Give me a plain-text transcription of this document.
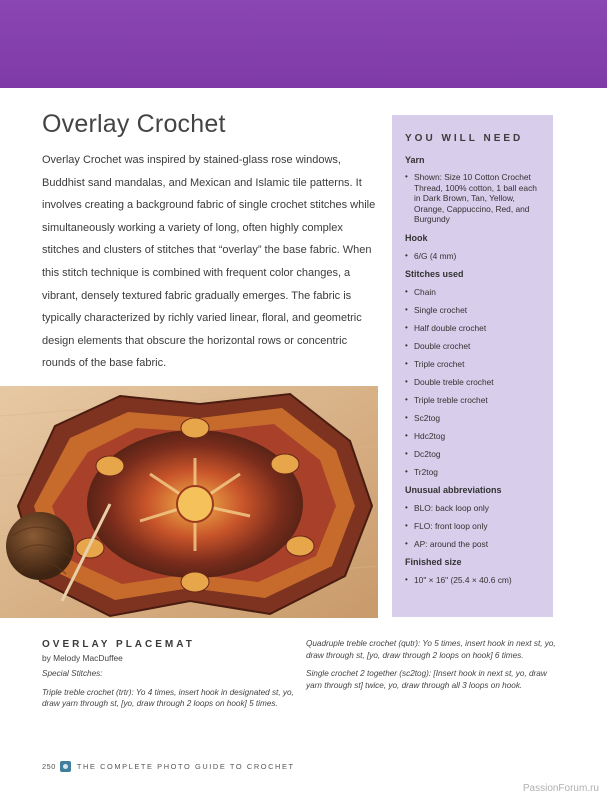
Overlay Crochet

Overlay Crochet was inspired by stained-glass rose windows, Buddhist sand mandalas, and Mexican and Islamic tile patterns. It involves creating a background fabric of single crochet stitches while simultaneously working a variety of long, often highly complex stitches and clusters of stitches that “overlay” the base fabric. When this stitch technique is combined with frequent color changes, a vibrant, densely textured fabric gradually emerges. The fabric is typically characterized by richly varied linear, floral, and geometric design elements that obscure the horizontal rows or concentric rounds of the base fabric.

YOU WILL NEED
Yarn
• Shown: Size 10 Cotton Crochet Thread, 100% cotton, 1 ball each in Dark Brown, Tan, Yellow, Orange, Cappuccino, Red, and Burgundy
Hook
• 6/G (4 mm)
Stitches used
• Chain
• Single crochet
• Half double crochet
• Double crochet
• Triple crochet
• Double treble crochet
• Triple treble crochet
• Sc2tog
• Hdc2tog
• Dc2tog
• Tr2tog
Unusual abbreviations
• BLO: back loop only
• FLO: front loop only
• AP: around the post
Finished size
• 10" × 16" (25.4 × 40.6 cm)
OVERLAY PLACEMAT
by Melody MacDuffee

Special Stitches:

Triple treble crochet (trtr): Yo 4 times, insert hook in designated st, yo, draw yarn through st, [yo, draw through 2 loops on hook] 5 times.

Quadruple treble crochet (qutr): Yo 5 times, insert hook in next st, yo, draw through st, [yo, draw through 2 loops on hook] 6 times.

Single crochet 2 together (sc2tog): [Insert hook in next st, yo, draw yarn through st] twice, yo, draw through all 3 loops on hook.

250	THE COMPLETE PHOTO GUIDE TO CROCHET
PassionForum.ru
